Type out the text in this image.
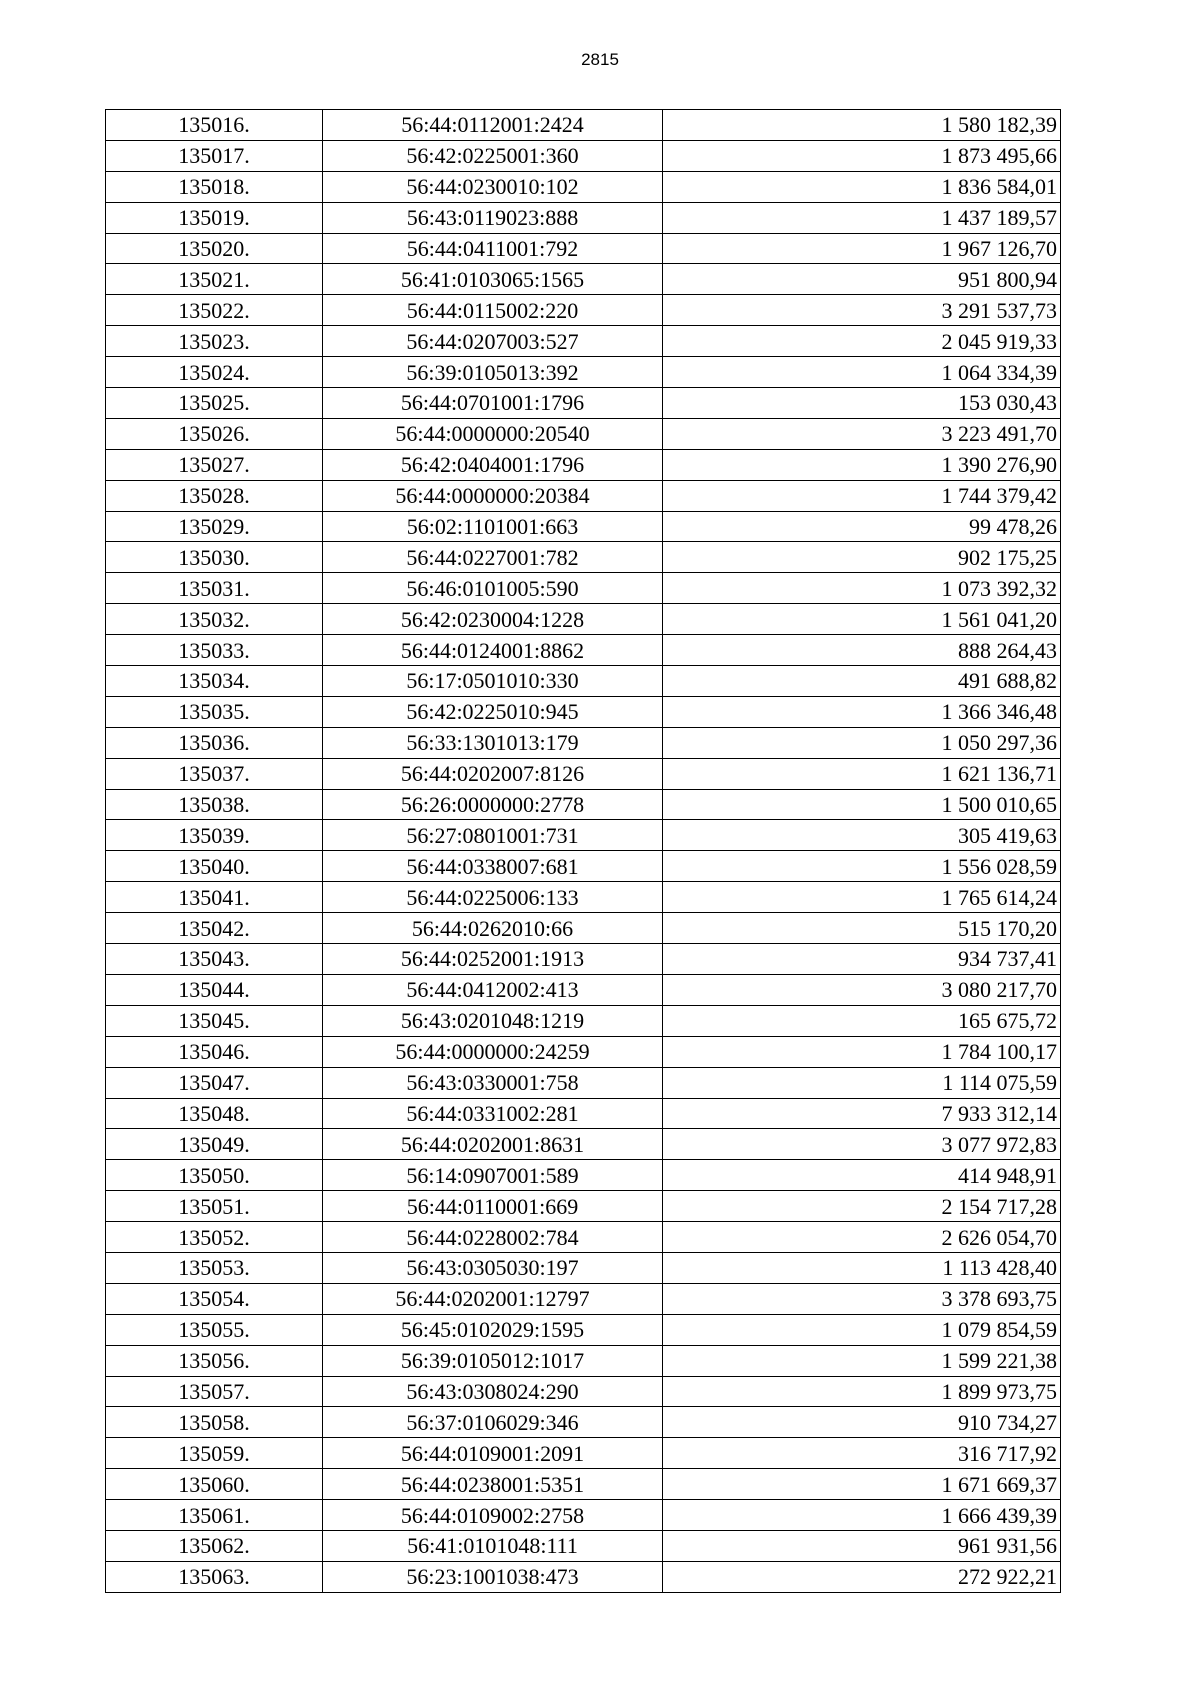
2815
135016.	56:44:0112001:2424	1 580 182,39
135017.	56:42:0225001:360	1 873 495,66
135018.	56:44:0230010:102	1 836 584,01
135019.	56:43:0119023:888	1 437 189,57
135020.	56:44:0411001:792	1 967 126,70
135021.	56:41:0103065:1565	951 800,94
135022.	56:44:0115002:220	3 291 537,73
135023.	56:44:0207003:527	2 045 919,33
135024.	56:39:0105013:392	1 064 334,39
135025.	56:44:0701001:1796	153 030,43
135026.	56:44:0000000:20540	3 223 491,70
135027.	56:42:0404001:1796	1 390 276,90
135028.	56:44:0000000:20384	1 744 379,42
135029.	56:02:1101001:663	99 478,26
135030.	56:44:0227001:782	902 175,25
135031.	56:46:0101005:590	1 073 392,32
135032.	56:42:0230004:1228	1 561 041,20
135033.	56:44:0124001:8862	888 264,43
135034.	56:17:0501010:330	491 688,82
135035.	56:42:0225010:945	1 366 346,48
135036.	56:33:1301013:179	1 050 297,36
135037.	56:44:0202007:8126	1 621 136,71
135038.	56:26:0000000:2778	1 500 010,65
135039.	56:27:0801001:731	305 419,63
135040.	56:44:0338007:681	1 556 028,59
135041.	56:44:0225006:133	1 765 614,24
135042.	56:44:0262010:66	515 170,20
135043.	56:44:0252001:1913	934 737,41
135044.	56:44:0412002:413	3 080 217,70
135045.	56:43:0201048:1219	165 675,72
135046.	56:44:0000000:24259	1 784 100,17
135047.	56:43:0330001:758	1 114 075,59
135048.	56:44:0331002:281	7 933 312,14
135049.	56:44:0202001:8631	3 077 972,83
135050.	56:14:0907001:589	414 948,91
135051.	56:44:0110001:669	2 154 717,28
135052.	56:44:0228002:784	2 626 054,70
135053.	56:43:0305030:197	1 113 428,40
135054.	56:44:0202001:12797	3 378 693,75
135055.	56:45:0102029:1595	1 079 854,59
135056.	56:39:0105012:1017	1 599 221,38
135057.	56:43:0308024:290	1 899 973,75
135058.	56:37:0106029:346	910 734,27
135059.	56:44:0109001:2091	316 717,92
135060.	56:44:0238001:5351	1 671 669,37
135061.	56:44:0109002:2758	1 666 439,39
135062.	56:41:0101048:111	961 931,56
135063.	56:23:1001038:473	272 922,21
